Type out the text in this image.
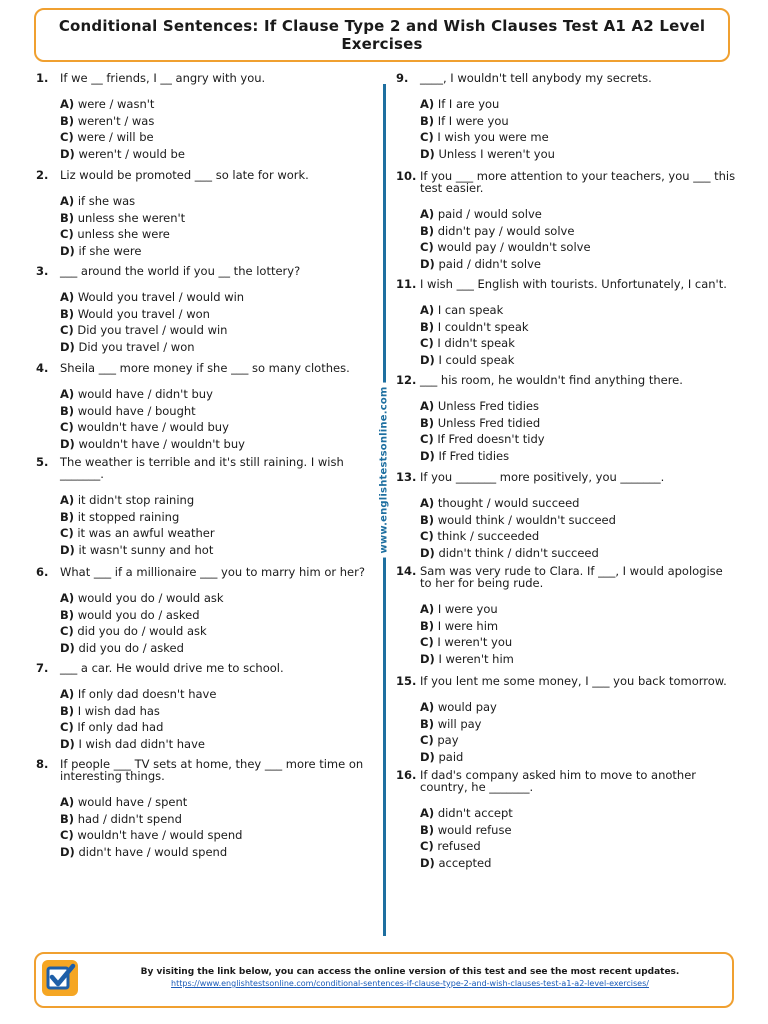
Conditional Sentences: If Clause Type 2 and Wish Clauses Test A1 A2 Level Exercises
1.	If we __ friends, I __ angry with you.
A) were / wasn't
B) weren't / was
C) were / will be
D) weren't / would be
2.	Liz would be promoted ___ so late for work.
A) if she was
B) unless she weren't
C) unless she were
D) if she were
3.	___ around the world if you __ the lottery?
A) Would you travel / would win
B) Would you travel / won
C) Did you travel / would win
D) Did you travel / won
4.	Sheila ___ more money if she ___ so many clothes.
A) would have / didn't buy
B) would have / bought
C) wouldn't have / would buy
D) wouldn't have / wouldn't buy
5.	The weather is terrible and it's still raining. I wish _______.
A) it didn't stop raining
B) it stopped raining
C) it was an awful weather
D) it wasn't sunny and hot
6.	What ___ if a millionaire ___ you to marry him or her?
A) would you do / would ask
B) would you do / asked
C) did you do / would ask
D) did you do / asked
7.	___ a car. He would drive me to school.
A) If only dad doesn't have
B) I wish dad has
C) If only dad had
D) I wish dad didn't have
8.	If people ___ TV sets at home, they ___ more time on interesting things.
A) would have / spent
B) had / didn't spend
C) wouldn't have / would spend
D) didn't have / would spend
www.englishtestsonline.com
9.	____, I wouldn't tell anybody my secrets.
A) If I are you
B) If I were you
C) I wish you were me
D) Unless I weren't you
10. If you ___ more attention to your teachers, you ___ this test easier.
A) paid / would solve
B) didn't pay / would solve
C) would pay / wouldn't solve
D) paid / didn't solve
11. I wish ___ English with tourists. Unfortunately, I can't.
A) I can speak
B) I couldn't speak
C) I didn't speak
D) I could speak
12. ___ his room, he wouldn't find anything there.
A) Unless Fred tidies
B) Unless Fred tidied
C) If Fred doesn't tidy
D) If Fred tidies
13. If you _______ more positively, you _______.
A) thought / would succeed
B) would think / wouldn't succeed
C) think / succeeded
D) didn't think / didn't succeed
14. Sam was very rude to Clara. If ___, I would apologise to her for being rude.
A) I were you
B) I were him
C) I weren't you
D) I weren't him
15. If you lent me some money, I ___ you back tomorrow.
A) would pay
B) will pay
C) pay
D) paid
16. If dad's company asked him to move to another country, he _______.
A) didn't accept
B) would refuse
C) refused
D) accepted
By visiting the link below, you can access the online version of this test and see the most recent updates.
https://www.englishtestsonline.com/conditional-sentences-if-clause-type-2-and-wish-clauses-test-a1-a2-level-exercises/
